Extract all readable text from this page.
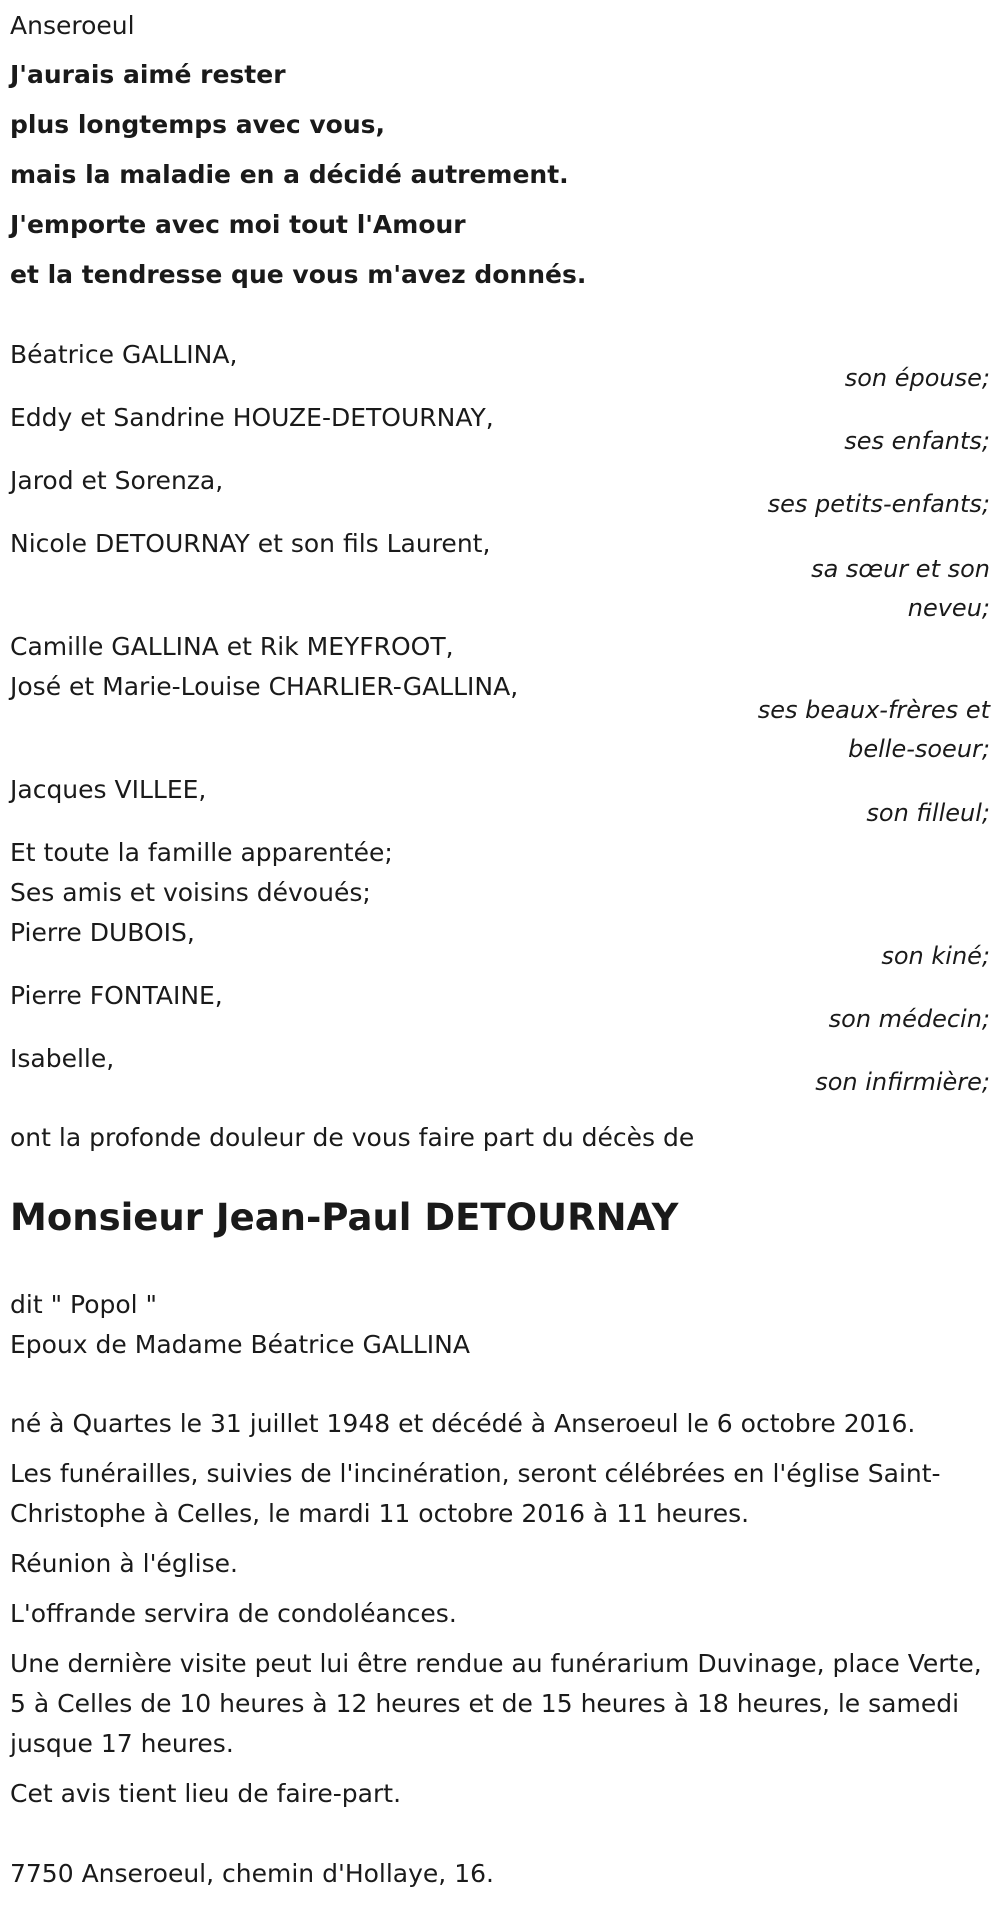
Anseroeul
J'aurais aimé rester
plus longtemps avec vous,
mais la maladie en a décidé autrement.
J'emporte avec moi tout l'Amour
et la tendresse que vous m'avez donnés.
Béatrice GALLINA,
son épouse;
Eddy et Sandrine HOUZE-DETOURNAY,
ses enfants;
Jarod et Sorenza,
ses petits-enfants;
Nicole DETOURNAY et son fils Laurent,
sa sœur et son
neveu;
Camille GALLINA et Rik MEYFROOT,
José et Marie-Louise CHARLIER-GALLINA,
ses beaux-frères et
belle-soeur;
Jacques VILLEE,
son filleul;
Et toute la famille apparentée;
Ses amis et voisins dévoués;
Pierre DUBOIS,
son kiné;
Pierre FONTAINE,
son médecin;
Isabelle,
son infirmière;
ont la profonde douleur de vous faire part du décès de
Monsieur Jean-Paul DETOURNAY
dit " Popol "
Epoux de Madame Béatrice GALLINA
né à Quartes le 31 juillet 1948 et décédé à Anseroeul le 6 octobre 2016.
Les funérailles, suivies de l'incinération, seront célébrées en l'église Saint-Christophe à Celles, le mardi 11 octobre 2016 à 11 heures.
Réunion à l'église.
L'offrande servira de condoléances.
Une dernière visite peut lui être rendue au funérarium Duvinage, place Verte, 5 à Celles de 10 heures à 12 heures et de 15 heures à 18 heures, le samedi jusque 17 heures.
Cet avis tient lieu de faire-part.
7750 Anseroeul, chemin d'Hollaye, 16.
